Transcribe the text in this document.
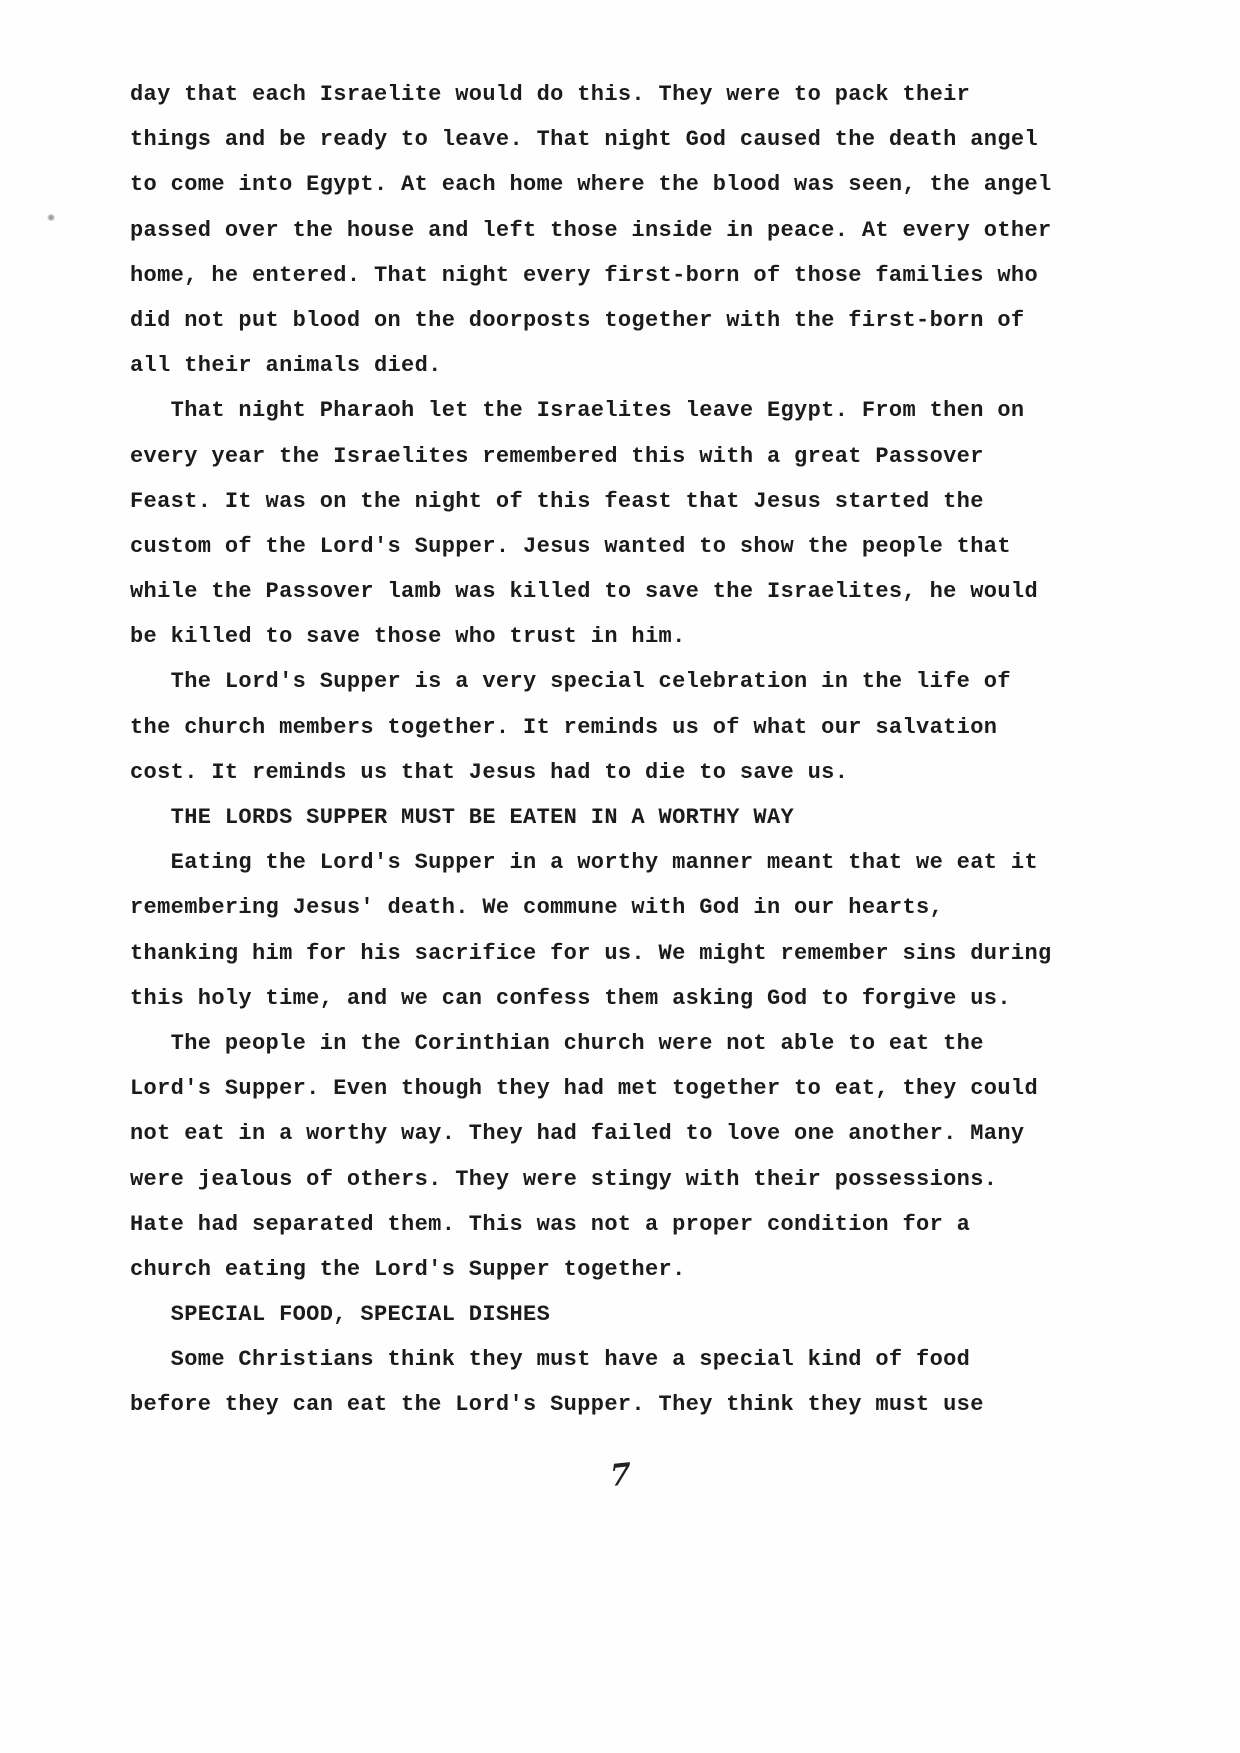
day that each Israelite would do this. They were to pack their
things and be ready to leave. That night God caused the death angel
to come into Egypt. At each home where the blood was seen, the angel
passed over the house and left those inside in peace. At every other
home, he entered. That night every first-born of those families who
did not put blood on the doorposts together with the first-born of
all their animals died.
That night Pharaoh let the Israelites leave Egypt. From then on
every year the Israelites remembered this with a great Passover
Feast. It was on the night of this feast that Jesus started the
custom of the Lord's Supper. Jesus wanted to show the people that
while the Passover lamb was killed to save the Israelites, he would
be killed to save those who trust in him.
The Lord's Supper is a very special celebration in the life of
the church members together. It reminds us of what our salvation
cost. It reminds us that Jesus had to die to save us.
THE LORDS SUPPER MUST BE EATEN IN A WORTHY WAY
Eating the Lord's Supper in a worthy manner meant that we eat it
remembering Jesus' death. We commune with God in our hearts,
thanking him for his sacrifice for us. We might remember sins during
this holy time, and we can confess them asking God to forgive us.
The people in the Corinthian church were not able to eat the
Lord's Supper. Even though they had met together to eat, they could
not eat in a worthy way. They had failed to love one another. Many
were jealous of others. They were stingy with their possessions.
Hate had separated them. This was not a proper condition for a
church eating the Lord's Supper together.
SPECIAL FOOD, SPECIAL DISHES
Some Christians think they must have a special kind of food
before they can eat the Lord's Supper. They think they must use
7
